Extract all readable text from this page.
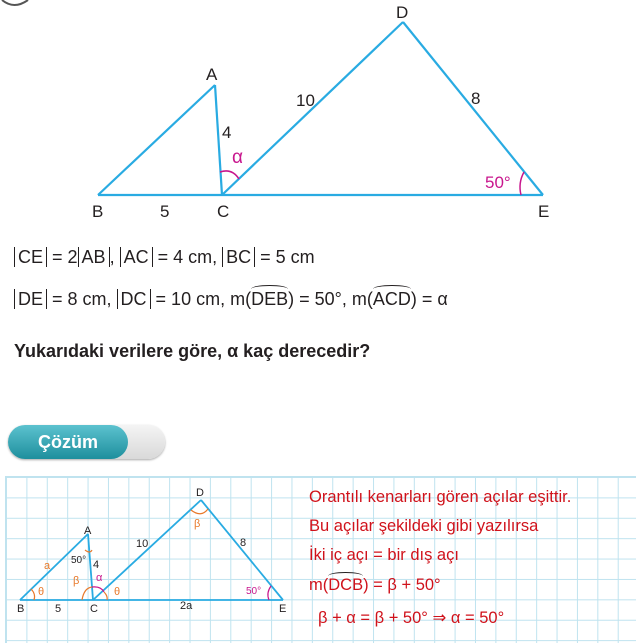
A
B	C
D
E
4
5
10	8
α
50°
CE = 2 AB , AC = 4 cm, BC = 5 cm
DE = 8 cm, DC = 10 cm, m(DEB) = 50°, m(ACD) = α
Yukarıdaki verilere göre, α kaç derecedir?
Çözüm
A
B	C
D
E
a	4
5
10	8
2a
50°
50°
θ
β α
θ
β
Orantılı kenarları gören açılar eşittir.
Bu açılar şekildeki gibi yazılırsa
İki iç açı = bir dış açı
m(DCB) = β + 50°
β + α = β + 50° ⇒ α = 50°
